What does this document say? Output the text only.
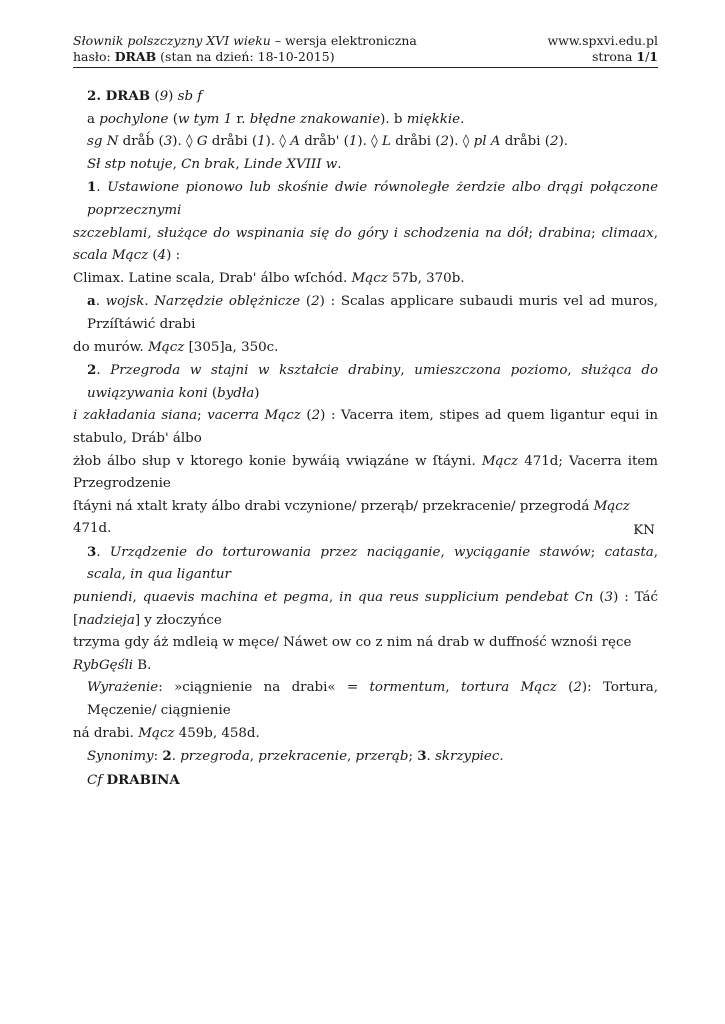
Słownik polszczyzny XVI wieku – wersja elektroniczna	www.spxvi.edu.pl
hasło: DRAB (stan na dzień: 18-10-2015)	strona 1/1

2. DRAB (9) sb f

a pochylone (w tym 1 r. błędne znakowanie). b miękkie.

sg N dråb́ (3). ◊ G dråbi (1). ◊ A dråb' (1). ◊ L dråbi (2). ◊ pl A dråbi (2).

Sł stp notuje, Cn brak, Linde XVIII w.

1. Ustawione pionowo lub skośnie dwie równoległe żerdzie albo drągi połączone poprzecznymi

szczeblami, służące do wspinania się do góry i schodzenia na dół; drabina; climaax, scala Mącz (4) :

Climax. Latine scala, Drab' álbo wſchód. Mącz 57b, 370b.

a. wojsk. Narzędzie oblężnicze (2) : Scalas applicare subaudi muris vel ad muros, Przíſtáwić drabi

do murów. Mącz [305]a, 350c.

2. Przegroda w stajni w kształcie drabiny, umieszczona poziomo, służąca do uwiązywania koni (bydła)

i zakładania siana; vacerra Mącz (2) : Vacerra item, stipes ad quem ligantur equi in stabulo, Dráb' álbo

żłob álbo słup v ktorego konie bywáią vwiązáne w ſtáyni. Mącz 471d; Vacerra item Przegrodzenie

ſtáyni ná xtalt kraty álbo drabi vczynione/ przerąb/ przekracenie/ przegrodá Mącz 471d.

3. Urządzenie do torturowania przez naciąganie, wyciąganie stawów; catasta, scala, in qua ligantur

puniendi, quaevis machina et pegma, in qua reus supplicium pendebat Cn (3) : Táć [nadzieja] y złoczyńce

trzyma gdy áż mdleią w męce/ Náwet ow co z nim ná drab w duffność wznośi ręce RybGęśli B.

Wyrażenie: »ciągnienie na drabi« = tormentum, tortura Mącz (2): Tortura, Męczenie/ ciągnienie

ná drabi. Mącz 459b, 458d.

Synonimy: 2. przegroda, przekracenie, przerąb; 3. skrzypiec.

Cf DRABINA

KN
